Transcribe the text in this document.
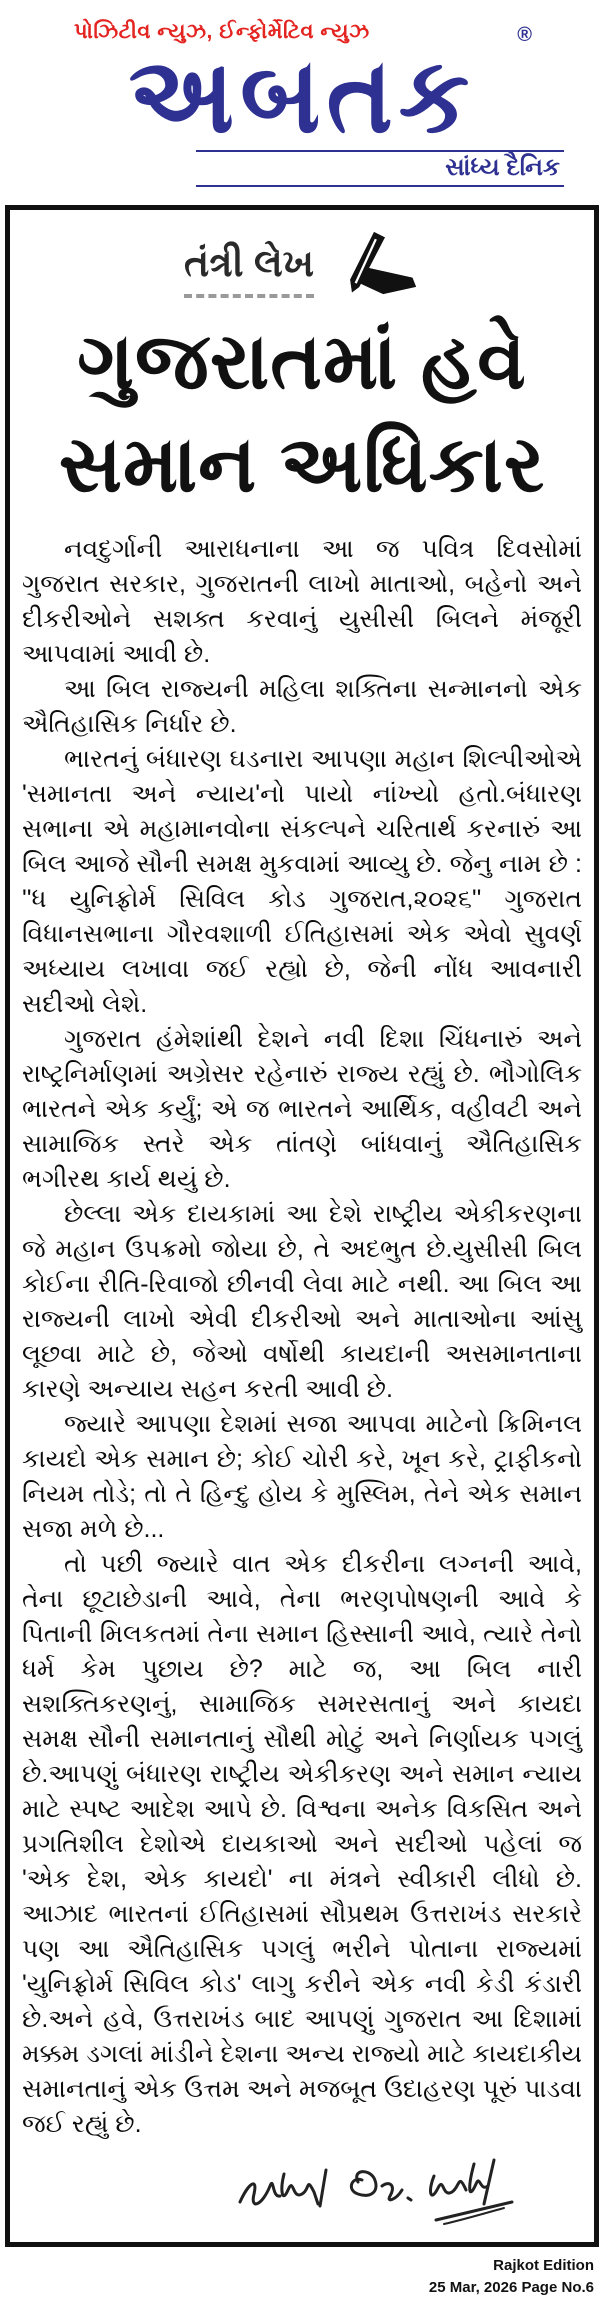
પોઝિટીવ ન્યુઝ, ઈન્ફોર્મેટિવ ન્યુઝ	®
અબતક
સાંધ્ય દૈનિક
તંત્રી લેખ
ગુજરાતમાં હવે
સમાન અધિકાર

નવદુર્ગાની આરાધનાના આ જ પવિત્ર દિવસોમાં ગુજરાત સરકાર, ગુજરાતની લાખો માતાઓ, બહેનો અને દીકરીઓને સશક્ત કરવાનું યુસીસી બિલને મંજૂરી આપવામાં આવી છે.

આ બિલ રાજ્યની મહિલા શક્તિના સન્માનનો એક ઐતિહાસિક નિર્ધાર છે.

ભારતનું બંધારણ ઘડનારા આપણા મહાન શિલ્પીઓએ 'સમાનતા અને ન્યાય'નો પાયો નાંખ્યો હતો.બંધારણ સભાના એ મહામાનવોના સંકલ્પને ચરિતાર્થ કરનારું આ બિલ આજે સૌની સમક્ષ મુકવામાં આવ્યુ છે. જેનુ નામ છે : ''ધ યુનિફ્રોર્મ સિવિલ કોડ ગુજરાત,૨૦૨૬'' ગુજરાત વિધાનસભાના ગૌરવશાળી ઈતિહાસમાં એક એવો સુવર્ણ અધ્યાય લખાવા જઈ રહ્યો છે, જેની નોંધ આવનારી સદીઓ લેશે.

ગુજરાત હંમેશાંથી દેશને નવી દિશા ચિંધનારું અને રાષ્ટ્રનિર્માણમાં અગ્રેસર રહેનારું રાજ્ય રહ્યું છે. ભૌગોલિક ભારતને એક કર્યું; એ જ ભારતને આર્થિક, વહીવટી અને સામાજિક સ્તરે એક તાંતણે બાંધવાનું ઐતિહાસિક ભગીરથ કાર્ય થયું છે.

છેલ્લા એક દાયકામાં આ દેશે રાષ્ટ્રીય એકીકરણના જે મહાન ઉપક્રમો જોયા છે, તે અદભુત છે.યુસીસી બિલ કોઈના રીતિ-રિવાજો છીનવી લેવા માટે નથી. આ બિલ આ રાજ્યની લાખો એવી દીકરીઓ અને માતાઓના આંસુ લૂછવા માટે છે, જેઓ વર્ષોથી કાયદાની અસમાનતાના કારણે અન્યાય સહન કરતી આવી છે.

જ્યારે આપણા દેશમાં સજા આપવા માટેનો ક્રિમિનલ કાયદો એક સમાન છે; કોઈ ચોરી કરે, ખૂન કરે, ટ્રાફીકનો નિયમ તોડે; તો તે હિન્દુ હોય કે મુસ્લિમ, તેને એક સમાન સજા મળે છે...

તો પછી જ્યારે વાત એક દીકરીના લગ્નની આવે, તેના છૂટાછેડાની આવે, તેના ભરણપોષણની આવે કે પિતાની મિલકતમાં તેના સમાન હિસ્સાની આવે, ત્યારે તેનો ધર્મ કેમ પુછાય છે? માટે જ, આ બિલ નારી સશક્તિકરણનું, સામાજિક સમરસતાનું અને કાયદા સમક્ષ સૌની સમાનતાનું સૌથી મોટું અને નિર્ણાયક પગલું છે.આપણું બંધારણ રાષ્ટ્રીય એકીકરણ અને સમાન ન્યાય માટે સ્પષ્ટ આદેશ આપે છે. વિશ્વના અનેક વિકસિત અને પ્રગતિશીલ દેશોએ દાયકાઓ અને સદીઓ પહેલાં જ 'એક દેશ, એક કાયદો' ના મંત્રને સ્વીકારી લીધો છે. આઝાદ ભારતનાં ઈતિહાસમાં સૌપ્રથમ ઉત્તરાખંડ સરકારે પણ આ ઐતિહાસિક પગલું ભરીને પોતાના રાજ્યમાં 'યુનિફ્રોર્મ સિવિલ કોડ' લાગુ કરીને એક નવી કેડી કંડારી છે.અને હવે, ઉત્તરાખંડ બાદ આપણું ગુજરાત આ દિશામાં મક્કમ ડગલાં માંડીને દેશના અન્ય રાજ્યો માટે કાયદાકીય સમાનતાનું એક ઉત્તમ અને મજબૂત ઉદાહરણ પૂરું પાડવા જઈ રહ્યું છે.

Rajkot Edition
25 Mar, 2026 Page No.6
